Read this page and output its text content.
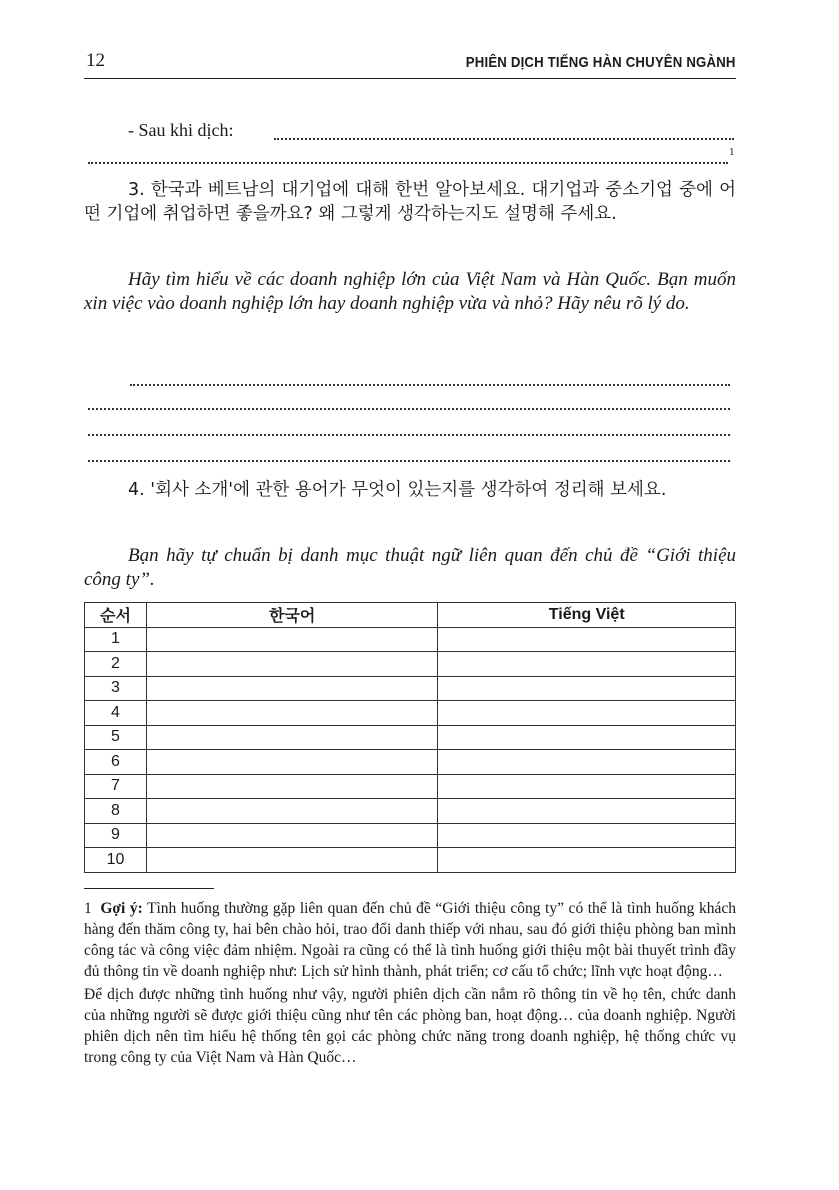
12	PHIÊN DỊCH TIẾNG HÀN CHUYÊN NGÀNH
- Sau khi dịch:
1
3. 한국과 베트남의 대기업에 대해 한번 알아보세요. 대기업과 중소기업 중에 어떤 기업에 취업하면 좋을까요? 왜 그렇게 생각하는지도 설명해 주세요.
Hãy tìm hiểu về các doanh nghiệp lớn của Việt Nam và Hàn Quốc. Bạn muốn xin việc vào doanh nghiệp lớn hay doanh nghiệp vừa và nhỏ? Hãy nêu rõ lý do.
4. '회사 소개'에 관한 용어가 무엇이 있는지를 생각하여 정리해 보세요.
Bạn hãy tự chuẩn bị danh mục thuật ngữ liên quan đến chủ đề “Giới thiệu công ty”.
순서	한국어	Tiếng Việt
1		
2		
3		
4		
5		
6		
7		
8		
9		
10		

1 Gợi ý: Tình huống thường gặp liên quan đến chủ đề “Giới thiệu công ty” có thể là tình huống khách hàng đến thăm công ty, hai bên chào hỏi, trao đổi danh thiếp với nhau, sau đó giới thiệu phòng ban mình công tác và công việc đảm nhiệm. Ngoài ra cũng có thể là tình huống giới thiệu một bài thuyết trình đầy đủ thông tin về doanh nghiệp như: Lịch sử hình thành, phát triển; cơ cấu tổ chức; lĩnh vực hoạt động…

Để dịch được những tình huống như vậy, người phiên dịch cần nắm rõ thông tin về họ tên, chức danh của những người sẽ được giới thiệu cũng như tên các phòng ban, hoạt động… của doanh nghiệp. Người phiên dịch nên tìm hiểu hệ thống tên gọi các phòng chức năng trong doanh nghiệp, hệ thống chức vụ trong công ty của Việt Nam và Hàn Quốc…
